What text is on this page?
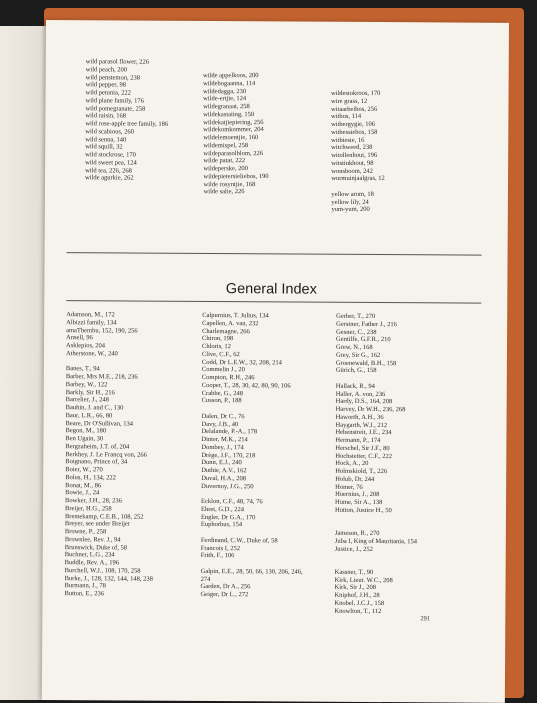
wild parasol flower, 226
wild peach, 200
wild penstemon, 238
wild pepper, 98
wild petunia, 222
wild plane family, 176
wild pomegranate, 258
wild raisin, 168
wild rose-apple tree family, 186
wild scabious, 260
wild senna, 140
wild squill, 32
wild stockrose, 170
wild sweet pea, 124
wild tea, 226, 268
wilde agurkie, 262
wilde appelkoos, 200
wildebogaanna, 114
wildedagga, 230
wilde-ertjie, 124
wildegranaat, 258
wildekastaiing, 150
wildekatjiepiering, 256
wildekomkommer, 204
wildelemoentjie, 160
wildemispel, 258
wildeparasolblom, 226
wilde patat, 222
wildeperske, 200
wildepietersieliebos, 190
wilde rosyntjie, 168
wilde salie, 226
wildestokroos, 170
wire grass, 12
witaarbeibos, 256
witbos, 114
witbergygie, 106
witbessiebos, 158
witbiesie, 16
witchweed, 238
witollenhout, 196
witstinkhout, 98
wonsboom, 242
wurmuinjaalgras, 12
yellow arum, 18
yellow lily, 24
yum-yum, 200
General Index
Adamson, M., 172
Albizzi family, 134
amaThembu, 152, 190, 256
Ansell, 96
Asklepios, 204
Atherstone, W., 240
Banes, T., 94
Barber, Mrs M.E., 218, 236
Barbey, W., 122
Barkly, Sir H., 216
Barrelier, J., 248
Bauhin, J. and C., 130
Baur, L.R., 66, 80
Beare, Dr O'Sullivan, 134
Begon, M., 180
Ben Ugain, 30
Bergzaheim, J.T. of, 204
Berkhey, J. Le Francq von, 266
Boignano, Prince of, 34
Boier, W., 270
Bolus, H., 134, 222
Bonat, M., 86
Bowie, J., 24
Bowker, J.H., 28, 236
Breijer, H.G., 258
Bremekamp, C.E.B., 108, 252
Breyer, see under Breijer
Browne, P., 258
Brownlee, Rev. J., 94
Brunswick, Duke of, 58
Buchner, L.G., 234
Buddle, Rev. A., 196
Burchell, W.J., 108, 170, 258
Burke, J., 128, 132, 144, 148, 238
Burmann, J., 78
Button, E., 236
Calpurnius, T. Julius, 134
Capellen, A. van, 232
Charlemagne, 266
Chiron, 198
Chloris, 12
Clive, C.F., 62
Codd, Dr L.E.W., 32, 208, 214
Commelin J., 20
Compton, R.H., 246
Cooper, T., 28, 30, 42, 80, 90, 106
Crabbe, G., 248
Cusson, P., 188
Dalen, Dr C., 76
Davy, J.B., 40
Delalande, P.-A., 178
Dinter, M.K., 214
Dombey, J., 174
Drège, J.F., 170, 218
Dunn, E.J., 240
Duthie, A.V., 162
Duval, H.A., 208
Duvernoy, J.G., 250
Ecklon, C.F., 48, 74, 76
Ehret, G.D., 224
Engler, Dr G.A., 170
Euphorbus, 154
Ferdinand, C.W., Duke of, 58
Francois I, 252
Frith, F., 106
Galpin, E.E., 28, 50, 66, 130, 206, 246,
274
Garden, Dr A., 256
Geiger, Dr L., 272
Gerber, T., 270
Gerstner, Father J., 216
Gesner, C., 238
Gentilfe, G.F.R., 210
Grew, N., 168
Grey, Sir G., 162
Groenewald, B.H., 158
Gürich, G., 158
Hallack, R., 94
Haller, A. von, 236
Hardy, D.S., 164, 208
Harvey, Dr W.H., 236, 268
Haworth, A.H., 36
Haygarth, W.J., 212
Hebenstreit, J.E., 234
Hermann, P., 174
Herschel, Sir J.F., 80
Hochstetter, C.F., 222
Hock, A., 20
Holmskiold, T., 226
Holub, Dr, 244
Homer, 76
Huernius, J., 208
Hume, Sir A., 138
Hutton, Justice H., 50
Jameson, R., 270
Juba I, King of Mauritania, 154
Justice, J., 252
Kassner, T., 90
Kirk, Lieut. W.C., 208
Kirk, Sir J., 208
Kniphof, J.H., 28
Knobel, J.C.J., 158
Knowlton, T., 112
291
